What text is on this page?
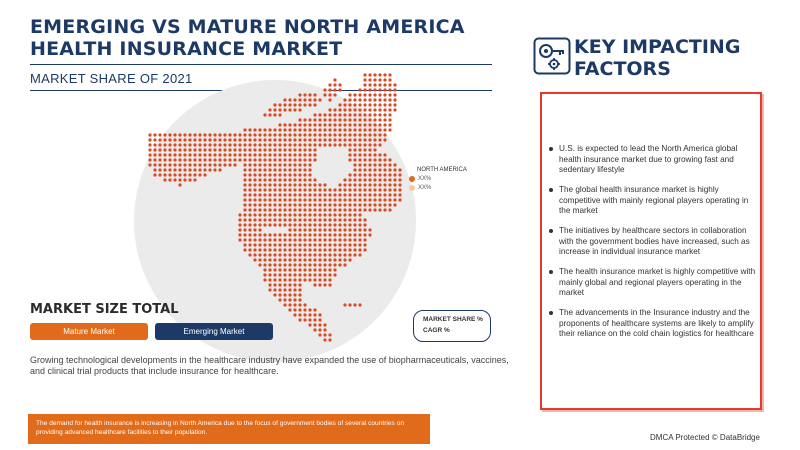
EMERGING VS MATURE NORTH AMERICA HEALTH INSURANCE MARKET
MARKET SHARE OF 2021
NORTH AMERICA
XX%
XX%
MARKET SIZE TOTAL
Mature Market	Emerging Market
MARKET SHARE %
CAGR %
Growing technological developments in the healthcare industry have expanded the use of biopharmaceuticals, vaccines, and clinical trial products that include insurance for healthcare.
The demand for health insurance is increasing in North America due to the focus of government bodies of several countries on providing advanced healthcare facilities to their population.
DMCA Protected © DataBridge
KEY IMPACTING
FACTORS
U.S. is expected to lead the North America global health insurance market due to growing fast and sedentary lifestyle
The global health insurance market is highly competitive with mainly regional players operating in the market
The initiatives by healthcare sectors in collaboration with the government bodies have increased, such as increase in individual insurance market
The health insurance market is highly competitive with mainly global and regional players operating in the market
The advancements in the Insurance industry and the proponents of healthcare systems are likely to amplify their reliance on the cold chain logistics for healthcare
